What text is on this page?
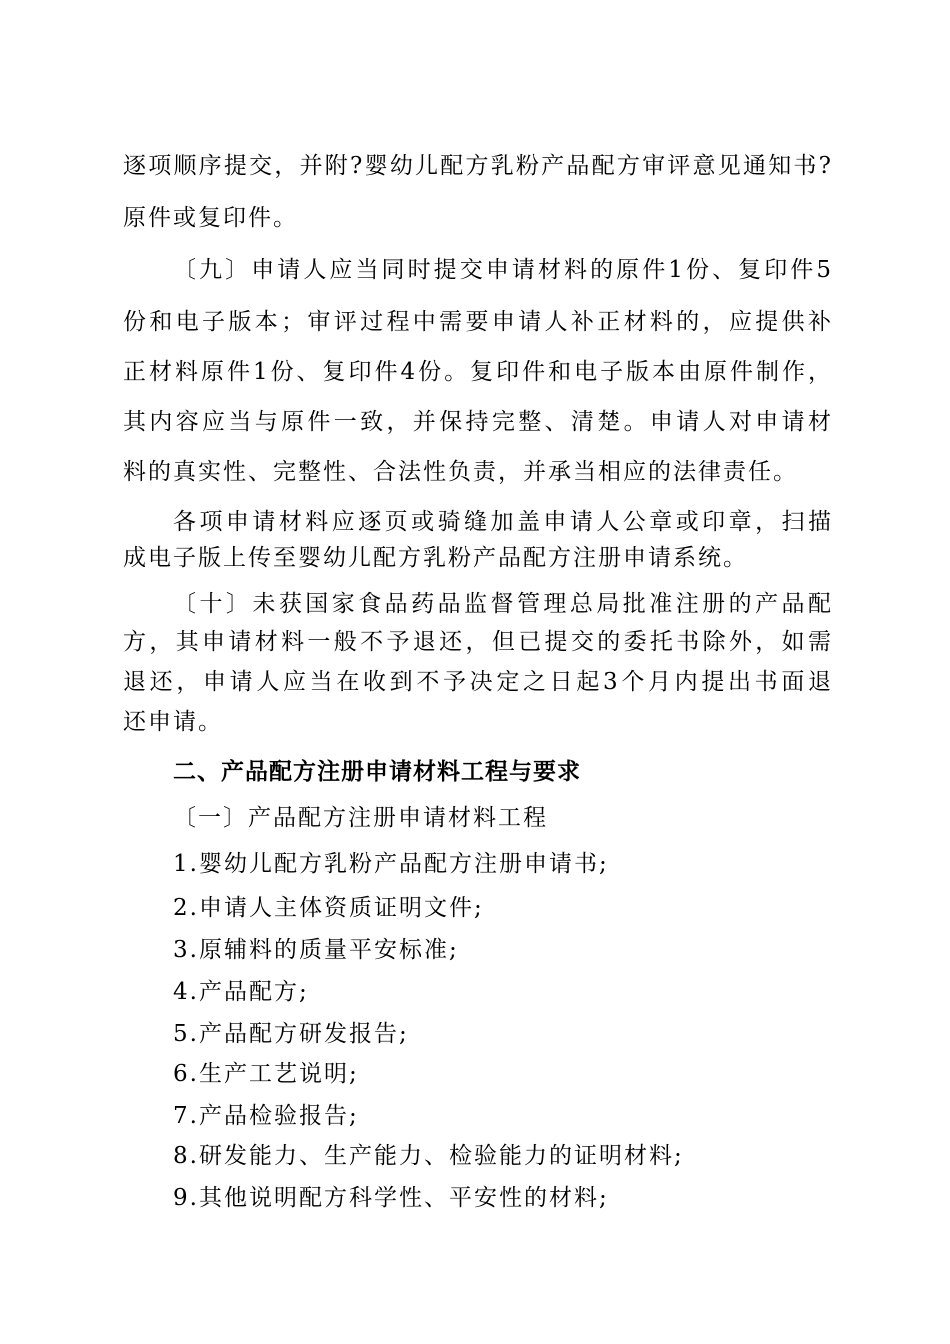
逐项顺序提交，并附?婴幼儿配方乳粉产品配方审评意见通知书?
原件或复印件。
〔九〕申请人应当同时提交申请材料的原件1份、复印件5
份和电子版本；审评过程中需要申请人补正材料的，应提供补
正材料原件1份、复印件4份。复印件和电子版本由原件制作，
其内容应当与原件一致，并保持完整、清楚。申请人对申请材
料的真实性、完整性、合法性负责，并承当相应的法律责任。
各项申请材料应逐页或骑缝加盖申请人公章或印章，扫描
成电子版上传至婴幼儿配方乳粉产品配方注册申请系统。
〔十〕未获国家食品药品监督管理总局批准注册的产品配
方，其申请材料一般不予退还，但已提交的委托书除外，如需
退还，申请人应当在收到不予决定之日起3个月内提出书面退
还申请。
二、产品配方注册申请材料工程与要求
〔一〕产品配方注册申请材料工程
1.婴幼儿配方乳粉产品配方注册申请书;
2.申请人主体资质证明文件;
3.原辅料的质量平安标准;
4.产品配方;
5.产品配方研发报告;
6.生产工艺说明;
7.产品检验报告;
8.研发能力、生产能力、检验能力的证明材料;
9.其他说明配方科学性、平安性的材料;
